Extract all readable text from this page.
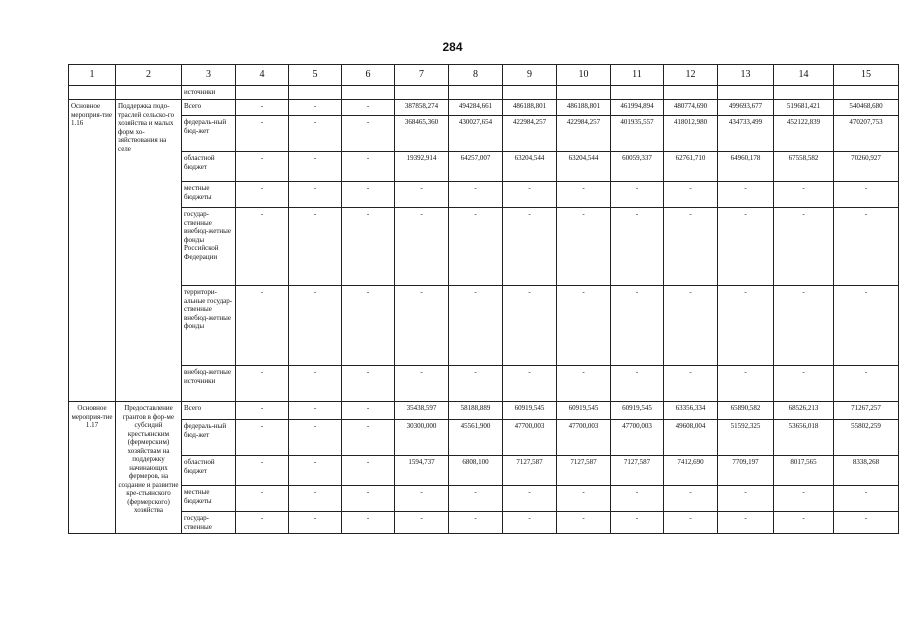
284
1	2	3	4	5	6	7	8	9	10	11	12	13	14	15
		источники												
Основное мероприя-тие 1.16	Поддержка подо-траслей сельско-го хозяйства и малых форм хо-зяйствования на селе	Всего	-	-	-	387858,274	494284,661	486188,801	486188,801	461994,894	480774,690	499693,677	519681,421	540468,680
		федераль-ный бюд-жет	-	-	-	368465,360	430027,654	422984,257	422984,257	401935,557	418012,980	434733,499	452122,839	470207,753
		областной бюджет	-	-	-	19392,914	64257,007	63204,544	63204,544	60059,337	62761,710	64960,178	67558,582	70260,927
		местные бюджеты	-	-	-	-	-	-	-	-	-	-	-	-
		государ-ственные внебюд-жетные фонды Российской Федерации	-	-	-	-	-	-	-	-	-	-	-	-
		территори-альные государ-ственные внебюд-жетные фонды	-	-	-	-	-	-	-	-	-	-	-	-
		внебюд-жетные источники	-	-	-	-	-	-	-	-	-	-	-	-
Основное мероприя-тие 1.17	Предоставление грантов в фор-ме субсидий крестьянским (фермерским) хозяйствам на поддержку начинающих фермеров, на создание и развитие кре-стьянского (фермерского) хозяйства	Всего	-	-	-	35438,597	58188,889	60919,545	60919,545	60919,545	63356,334	65890,582	68526,213	71267,257
		федераль-ный бюд-жет	-	-	-	30300,000	45561,900	47700,003	47700,003	47700,003	49608,004	51592,325	53656,018	55802,259
		областной бюджет	-	-	-	1594,737	6808,100	7127,587	7127,587	7127,587	7412,690	7709,197	8017,565	8338,268
		местные бюджеты	-	-	-	-	-	-	-	-	-	-	-	-
		государ-ственные	-	-	-	-	-	-	-	-	-	-	-	-
